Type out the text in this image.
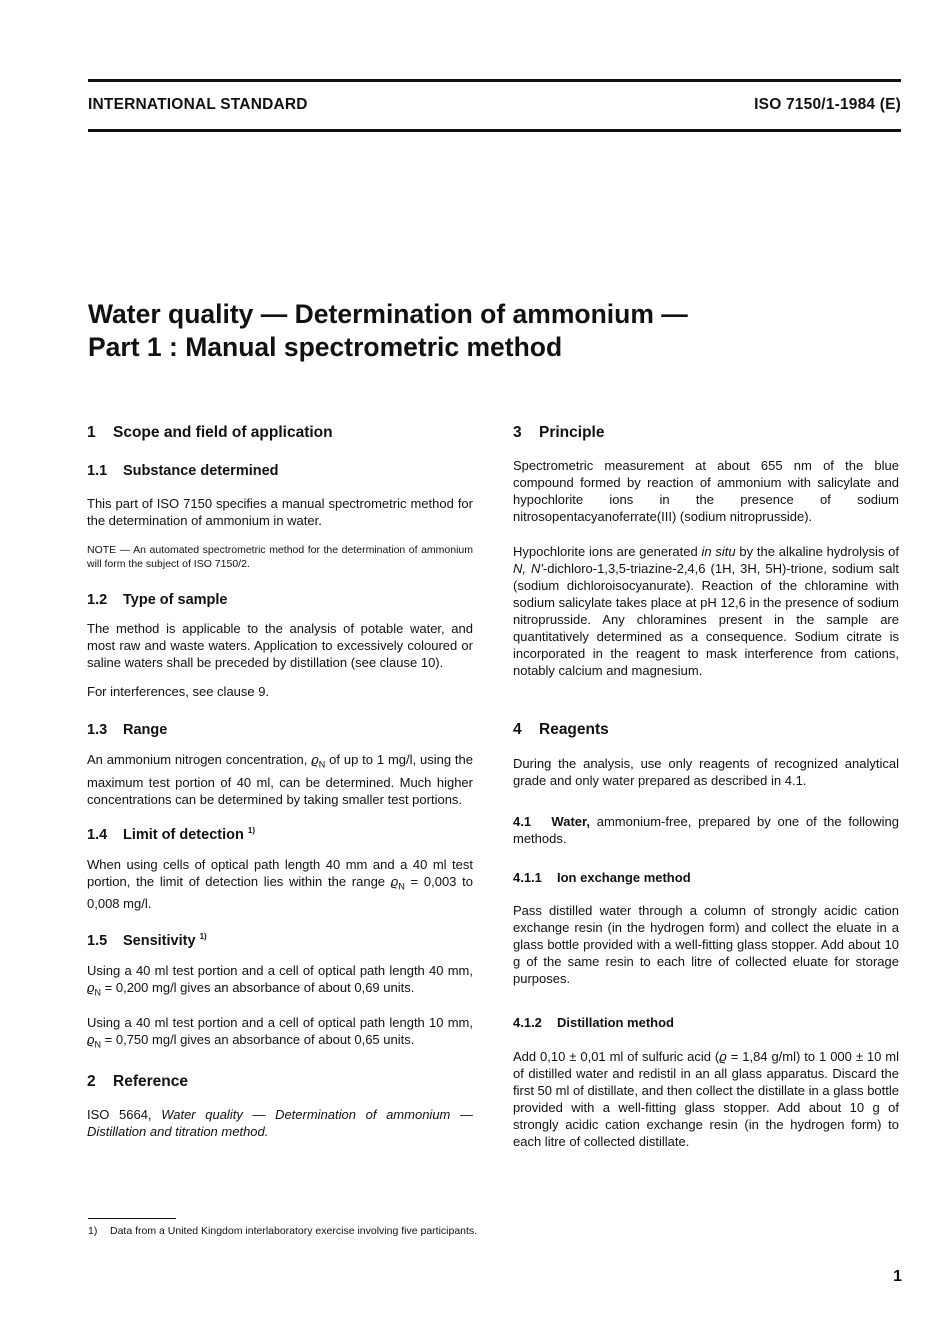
INTERNATIONAL STANDARD	ISO 7150/1-1984 (E)
Water quality — Determination of ammonium —
Part 1 : Manual spectrometric method
1 Scope and field of application
1.1 Substance determined

This part of ISO 7150 specifies a manual spectrometric method for the determination of ammonium in water.

NOTE — An automated spectrometric method for the determination of ammonium will form the subject of ISO 7150/2.

1.2 Type of sample

The method is applicable to the analysis of potable water, and most raw and waste waters. Application to excessively coloured or saline waters shall be preceded by distillation (see clause 10).

For interferences, see clause 9.

1.3 Range

An ammonium nitrogen concentration, $ϱ_N$ of up to 1 mg/l, using the maximum test portion of 40 ml, can be determined. Much higher concentrations can be determined by taking smaller test portions.

1.4 Limit of detection $^{1)}$

When using cells of optical path length 40 mm and a 40 ml test portion, the limit of detection lies within the range $ϱ_N = 0,003$ to 0,008 mg/l.

1.5 Sensitivity $^{1)}$

Using a 40 ml test portion and a cell of optical path length 40 mm, $ϱ_N = 0,200$ mg/l gives an absorbance of about 0,69 units.

Using a 40 ml test portion and a cell of optical path length 10 mm, $ϱ_N = 0,750$ mg/l gives an absorbance of about 0,65 units.

2 Reference

ISO 5664, Water quality — Determination of ammonium — Distillation and titration method.

3 Principle

Spectrometric measurement at about 655 nm of the blue compound formed by reaction of ammonium with salicylate and hypochlorite ions in the presence of sodium nitrosopentacyanoferrate(III) (sodium nitroprusside).

Hypochlorite ions are generated in situ by the alkaline hydrolysis of N, N'-dichloro-1,3,5-triazine-2,4,6 (1H, 3H, 5H)-trione, sodium salt (sodium dichloroisocyanurate). Reaction of the chloramine with sodium salicylate takes place at pH 12,6 in the presence of sodium nitroprusside. Any chloramines present in the sample are quantitatively determined as a consequence. Sodium citrate is incorporated in the reagent to mask interference from cations, notably calcium and magnesium.

4 Reagents

During the analysis, use only reagents of recognized analytical grade and only water prepared as described in 4.1.

4.1 Water, ammonium-free, prepared by one of the following methods.

4.1.1 Ion exchange method

Pass distilled water through a column of strongly acidic cation exchange resin (in the hydrogen form) and collect the eluate in a glass bottle provided with a well-fitting glass stopper. Add about 10 g of the same resin to each litre of collected eluate for storage purposes.

4.1.2 Distillation method

Add 0,10 ± 0,01 ml of sulfuric acid (ϱ = 1,84 g/ml) to 1 000 ± 10 ml of distilled water and redistil in an all glass apparatus. Discard the first 50 ml of distillate, and then collect the distillate in a glass bottle provided with a well-fitting glass stopper. Add about 10 g of strongly acidic cation exchange resin (in the hydrogen form) to each litre of collected distillate.

1) Data from a United Kingdom interlaboratory exercise involving five participants.
1
